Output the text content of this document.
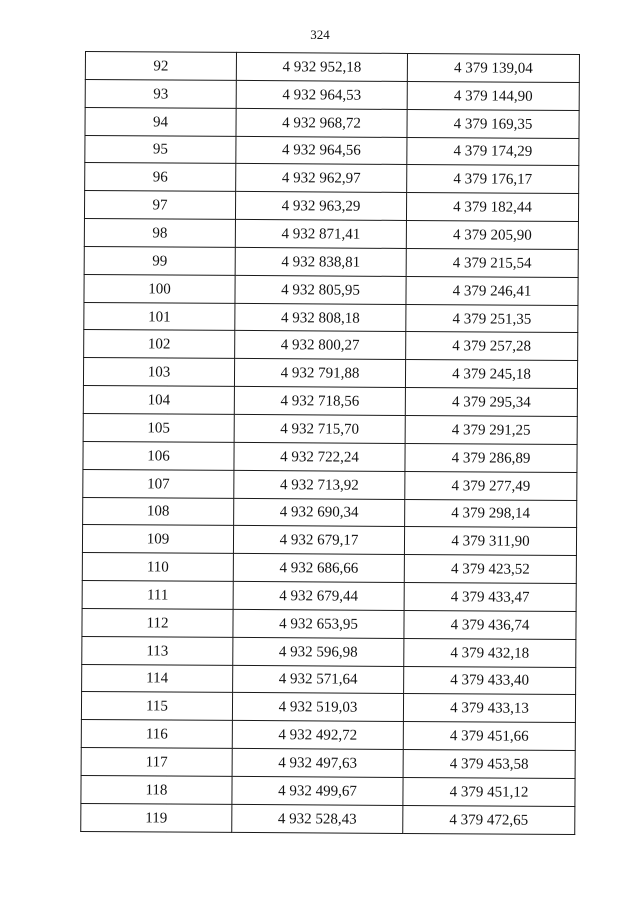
324
92	4 932 952,18	4 379 139,04
93	4 932 964,53	4 379 144,90
94	4 932 968,72	4 379 169,35
95	4 932 964,56	4 379 174,29
96	4 932 962,97	4 379 176,17
97	4 932 963,29	4 379 182,44
98	4 932 871,41	4 379 205,90
99	4 932 838,81	4 379 215,54
100	4 932 805,95	4 379 246,41
101	4 932 808,18	4 379 251,35
102	4 932 800,27	4 379 257,28
103	4 932 791,88	4 379 245,18
104	4 932 718,56	4 379 295,34
105	4 932 715,70	4 379 291,25
106	4 932 722,24	4 379 286,89
107	4 932 713,92	4 379 277,49
108	4 932 690,34	4 379 298,14
109	4 932 679,17	4 379 311,90
110	4 932 686,66	4 379 423,52
111	4 932 679,44	4 379 433,47
112	4 932 653,95	4 379 436,74
113	4 932 596,98	4 379 432,18
114	4 932 571,64	4 379 433,40
115	4 932 519,03	4 379 433,13
116	4 932 492,72	4 379 451,66
117	4 932 497,63	4 379 453,58
118	4 932 499,67	4 379 451,12
119	4 932 528,43	4 379 472,65
